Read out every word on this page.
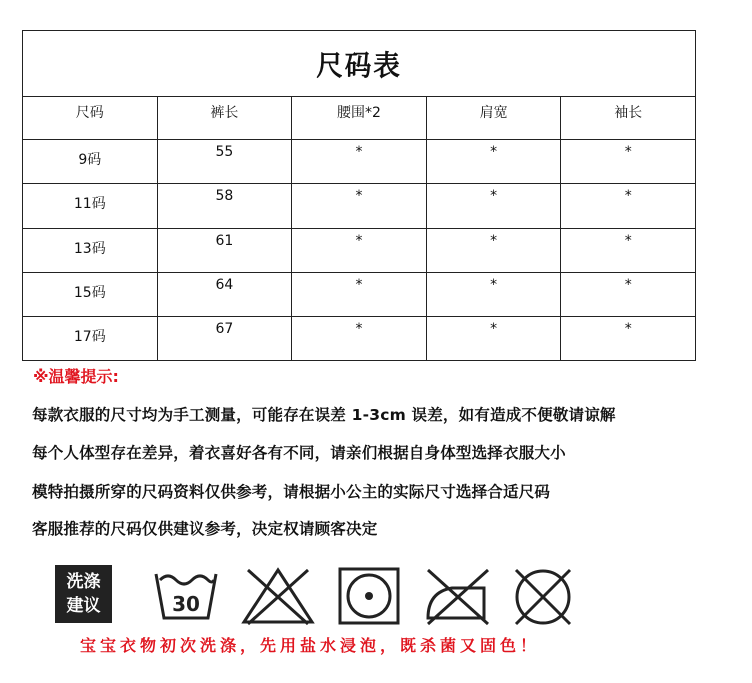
尺码表				

尺码	裤长	腰围*2	肩宽	袖长

9码	55	*	*	*

11码	58	*	*	*

13码	61	*	*	*

15码	64	*	*	*

17码	67	*	*	*
※温馨提示:
每款衣服的尺寸均为手工测量，可能存在误差 1-3cm 误差，如有造成不便敬请谅解
每个人体型存在差异，着衣喜好各有不同，请亲们根据自身体型选择衣服大小
模特拍摄所穿的尺码资料仅供参考，请根据小公主的实际尺寸选择合适尺码
客服推荐的尺码仅供建议参考，决定权请顾客决定
洗涤
建议	30
宝宝衣物初次洗涤，先用盐水浸泡，既杀菌又固色！
